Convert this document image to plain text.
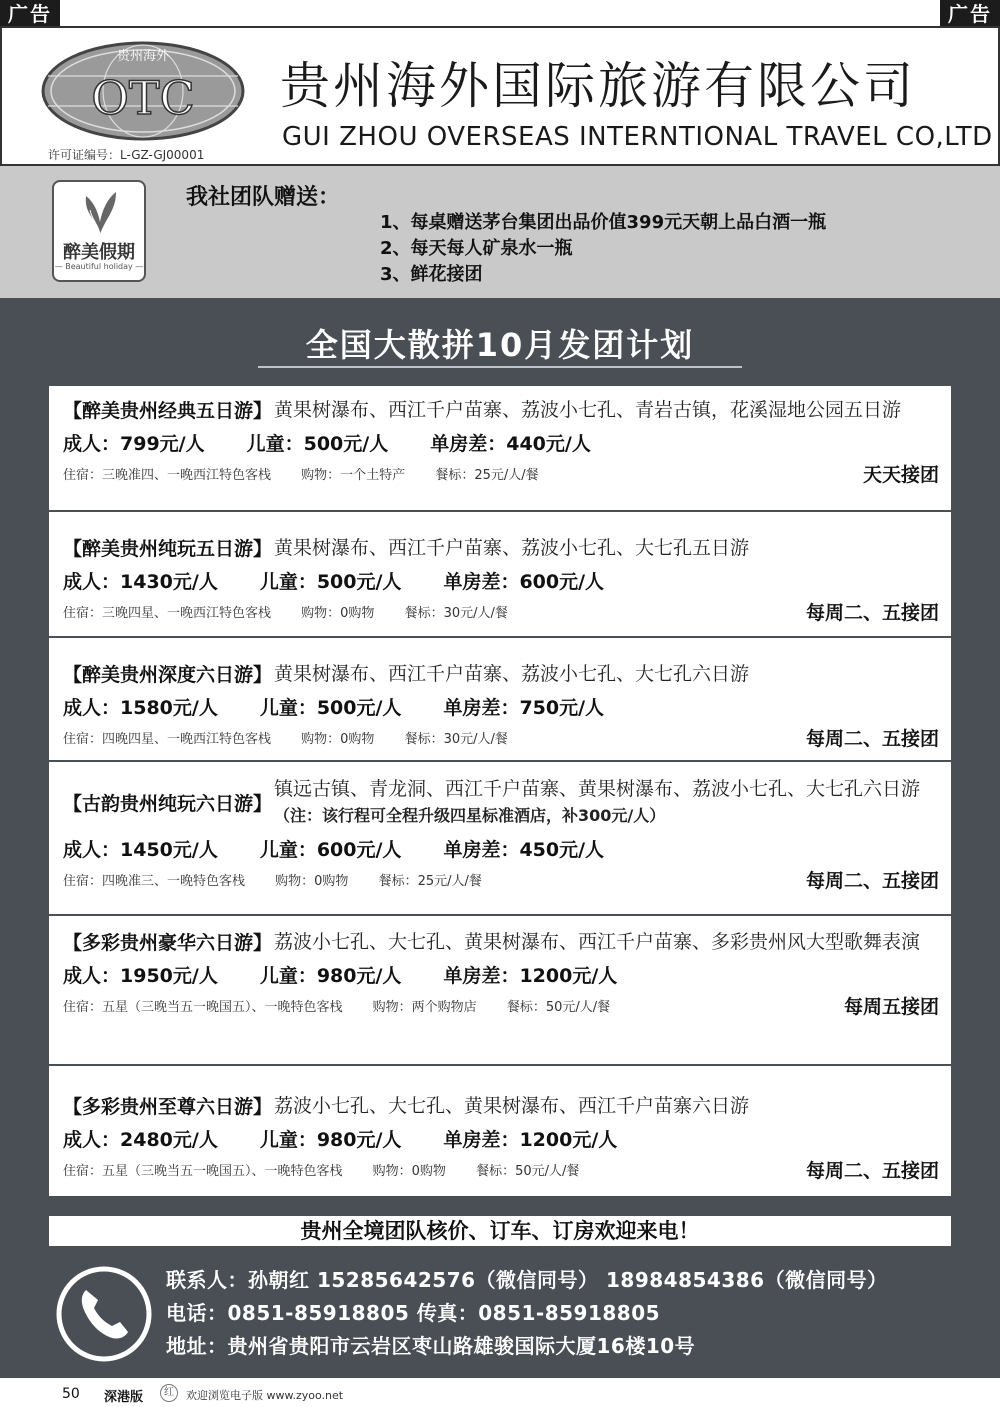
广告	广告
贵州海外
OTC
许可证编号：L-GZ-GJ00001
贵州海外国际旅游有限公司
GUI ZHOU OVERSEAS INTERNTIONAL TRAVEL CO,LTD
醉美假期
— Beautiful holiday —
我社团队赠送：
1、每桌赠送茅台集团出品价值399元天朝上品白酒一瓶
2、每天每人矿泉水一瓶
3、鲜花接团
全国大散拼10月发团计划
【醉美贵州经典五日游】 黄果树瀑布、西江千户苗寨、荔波小七孔、青岩古镇，花溪湿地公园五日游
成人：799元/人 儿童：500元/人 单房差：440元/人
住宿：三晚准四、一晚西江特色客栈 购物：一个土特产 餐标：25元/人/餐	天天接团
【醉美贵州纯玩五日游】 黄果树瀑布、西江千户苗寨、荔波小七孔、大七孔五日游
成人：1430元/人 儿童：500元/人 单房差：600元/人
住宿：三晚四星、一晚西江特色客栈 购物：0购物 餐标：30元/人/餐	每周二、五接团
【醉美贵州深度六日游】 黄果树瀑布、西江千户苗寨、荔波小七孔、大七孔六日游
成人：1580元/人 儿童：500元/人 单房差：750元/人
住宿：四晚四星、一晚西江特色客栈 购物：0购物 餐标：30元/人/餐	每周二、五接团
【古韵贵州纯玩六日游】
镇远古镇、青龙洞、西江千户苗寨、黄果树瀑布、荔波小七孔、大七孔六日游（注：该行程可全程升级四星标准酒店，补300元/人）
成人：1450元/人 儿童：600元/人 单房差：450元/人
住宿：四晚准三、一晚特色客栈 购物：0购物 餐标：25元/人/餐	每周二、五接团
【多彩贵州豪华六日游】 荔波小七孔、大七孔、黄果树瀑布、西江千户苗寨、多彩贵州风大型歌舞表演
成人：1950元/人 儿童：980元/人 单房差：1200元/人
住宿：五星（三晚当五一晚国五）、一晚特色客栈 购物：两个购物店 餐标：50元/人/餐	每周五接团
【多彩贵州至尊六日游】 荔波小七孔、大七孔、黄果树瀑布、西江千户苗寨六日游
成人：2480元/人 儿童：980元/人 单房差：1200元/人
住宿：五星（三晚当五一晚国五）、一晚特色客栈 购物：0购物 餐标：50元/人/餐	每周二、五接团
贵州全境团队核价、订车、订房欢迎来电！
联系人：孙朝红 15285642576（微信同号） 18984854386（微信同号）
电话：0851-85918805 传真：0851-85918805
地址：贵州省贵阳市云岩区枣山路雄骏国际大厦16楼10号
50 深港版	红	欢迎浏览电子版 www.zyoo.net
